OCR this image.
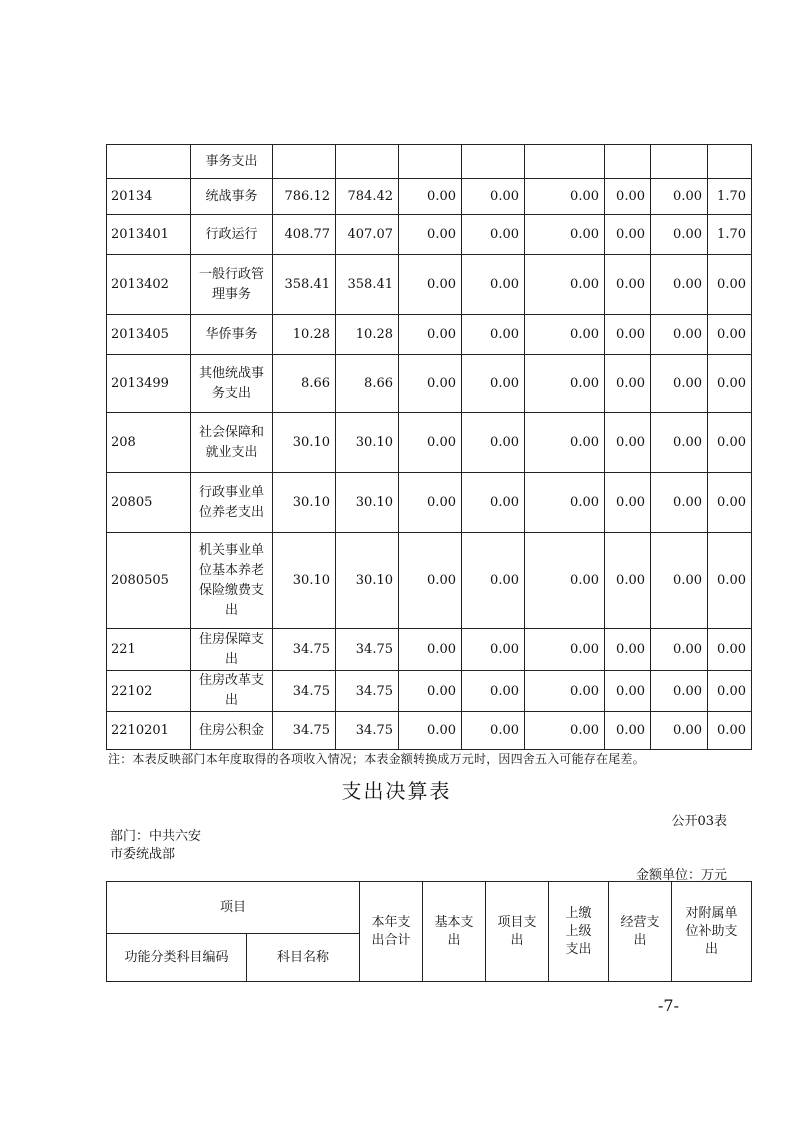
	事务支出								
20134	统战事务	786.12	784.42	0.00	0.00	0.00	0.00	0.00	1.70
2013401	行政运行	408.77	407.07	0.00	0.00	0.00	0.00	0.00	1.70
2013402	一般行政管理事务	358.41	358.41	0.00	0.00	0.00	0.00	0.00	0.00
2013405	华侨事务	10.28	10.28	0.00	0.00	0.00	0.00	0.00	0.00
2013499	其他统战事务支出	8.66	8.66	0.00	0.00	0.00	0.00	0.00	0.00
208	社会保障和就业支出	30.10	30.10	0.00	0.00	0.00	0.00	0.00	0.00
20805	行政事业单位养老支出	30.10	30.10	0.00	0.00	0.00	0.00	0.00	0.00
2080505	机关事业单位基本养老保险缴费支出	30.10	30.10	0.00	0.00	0.00	0.00	0.00	0.00
221	住房保障支出	34.75	34.75	0.00	0.00	0.00	0.00	0.00	0.00
22102	住房改革支出	34.75	34.75	0.00	0.00	0.00	0.00	0.00	0.00
2210201	住房公积金	34.75	34.75	0.00	0.00	0.00	0.00	0.00	0.00
注：本表反映部门本年度取得的各项收入情况；本表金额转换成万元时，因四舍五入可能存在尾差。
支出决算表
公开03表
部门：中共六安市委统战部
金额单位：万元
项目		本年支出合计	基本支出	项目支出	上缴上级支出	经营支出	对附属单位补助支出
功能分类科目编码	科目名称						
-7-
